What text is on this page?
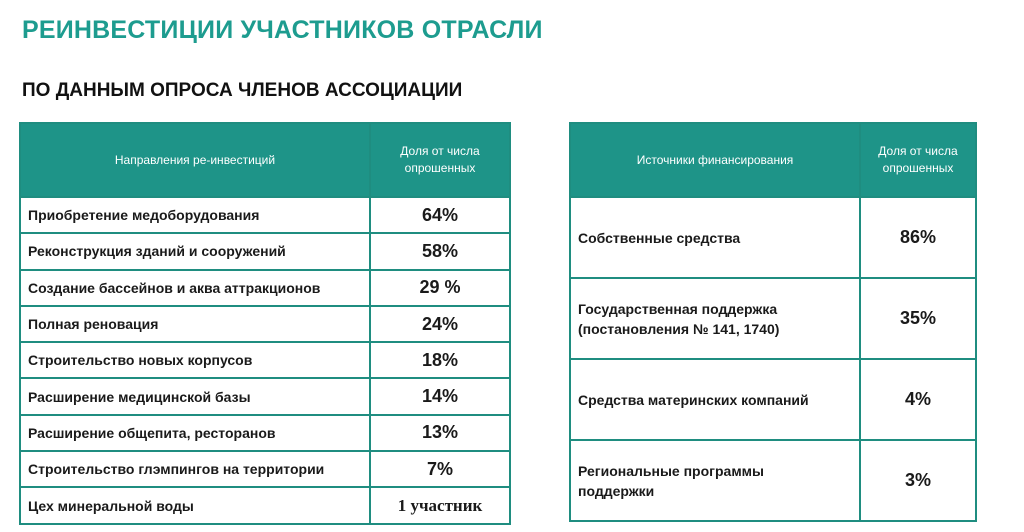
РЕИНВЕСТИЦИИ УЧАСТНИКОВ ОТРАСЛИ
ПО ДАННЫМ ОПРОСА ЧЛЕНОВ АССОЦИАЦИИ
Направления ре-инвестиций	Доля от числа опрошенных
Приобретение медоборудования	64%
Реконструкция зданий и сооружений	58%
Создание бассейнов и аква аттракционов	29 %
Полная реновация	24%
Строительство новых корпусов	18%
Расширение медицинской базы	14%
Расширение общепита, ресторанов	13%
Строительство глэмпингов на территории	7%
Цех минеральной воды	1 участник
Источники финансирования	Доля от числа опрошенных

Собственные средства	86%

Государственная поддержка
(постановления № 141, 1740)	35%

Средства материнских компаний	4%

Региональные программы
поддержки	3%
